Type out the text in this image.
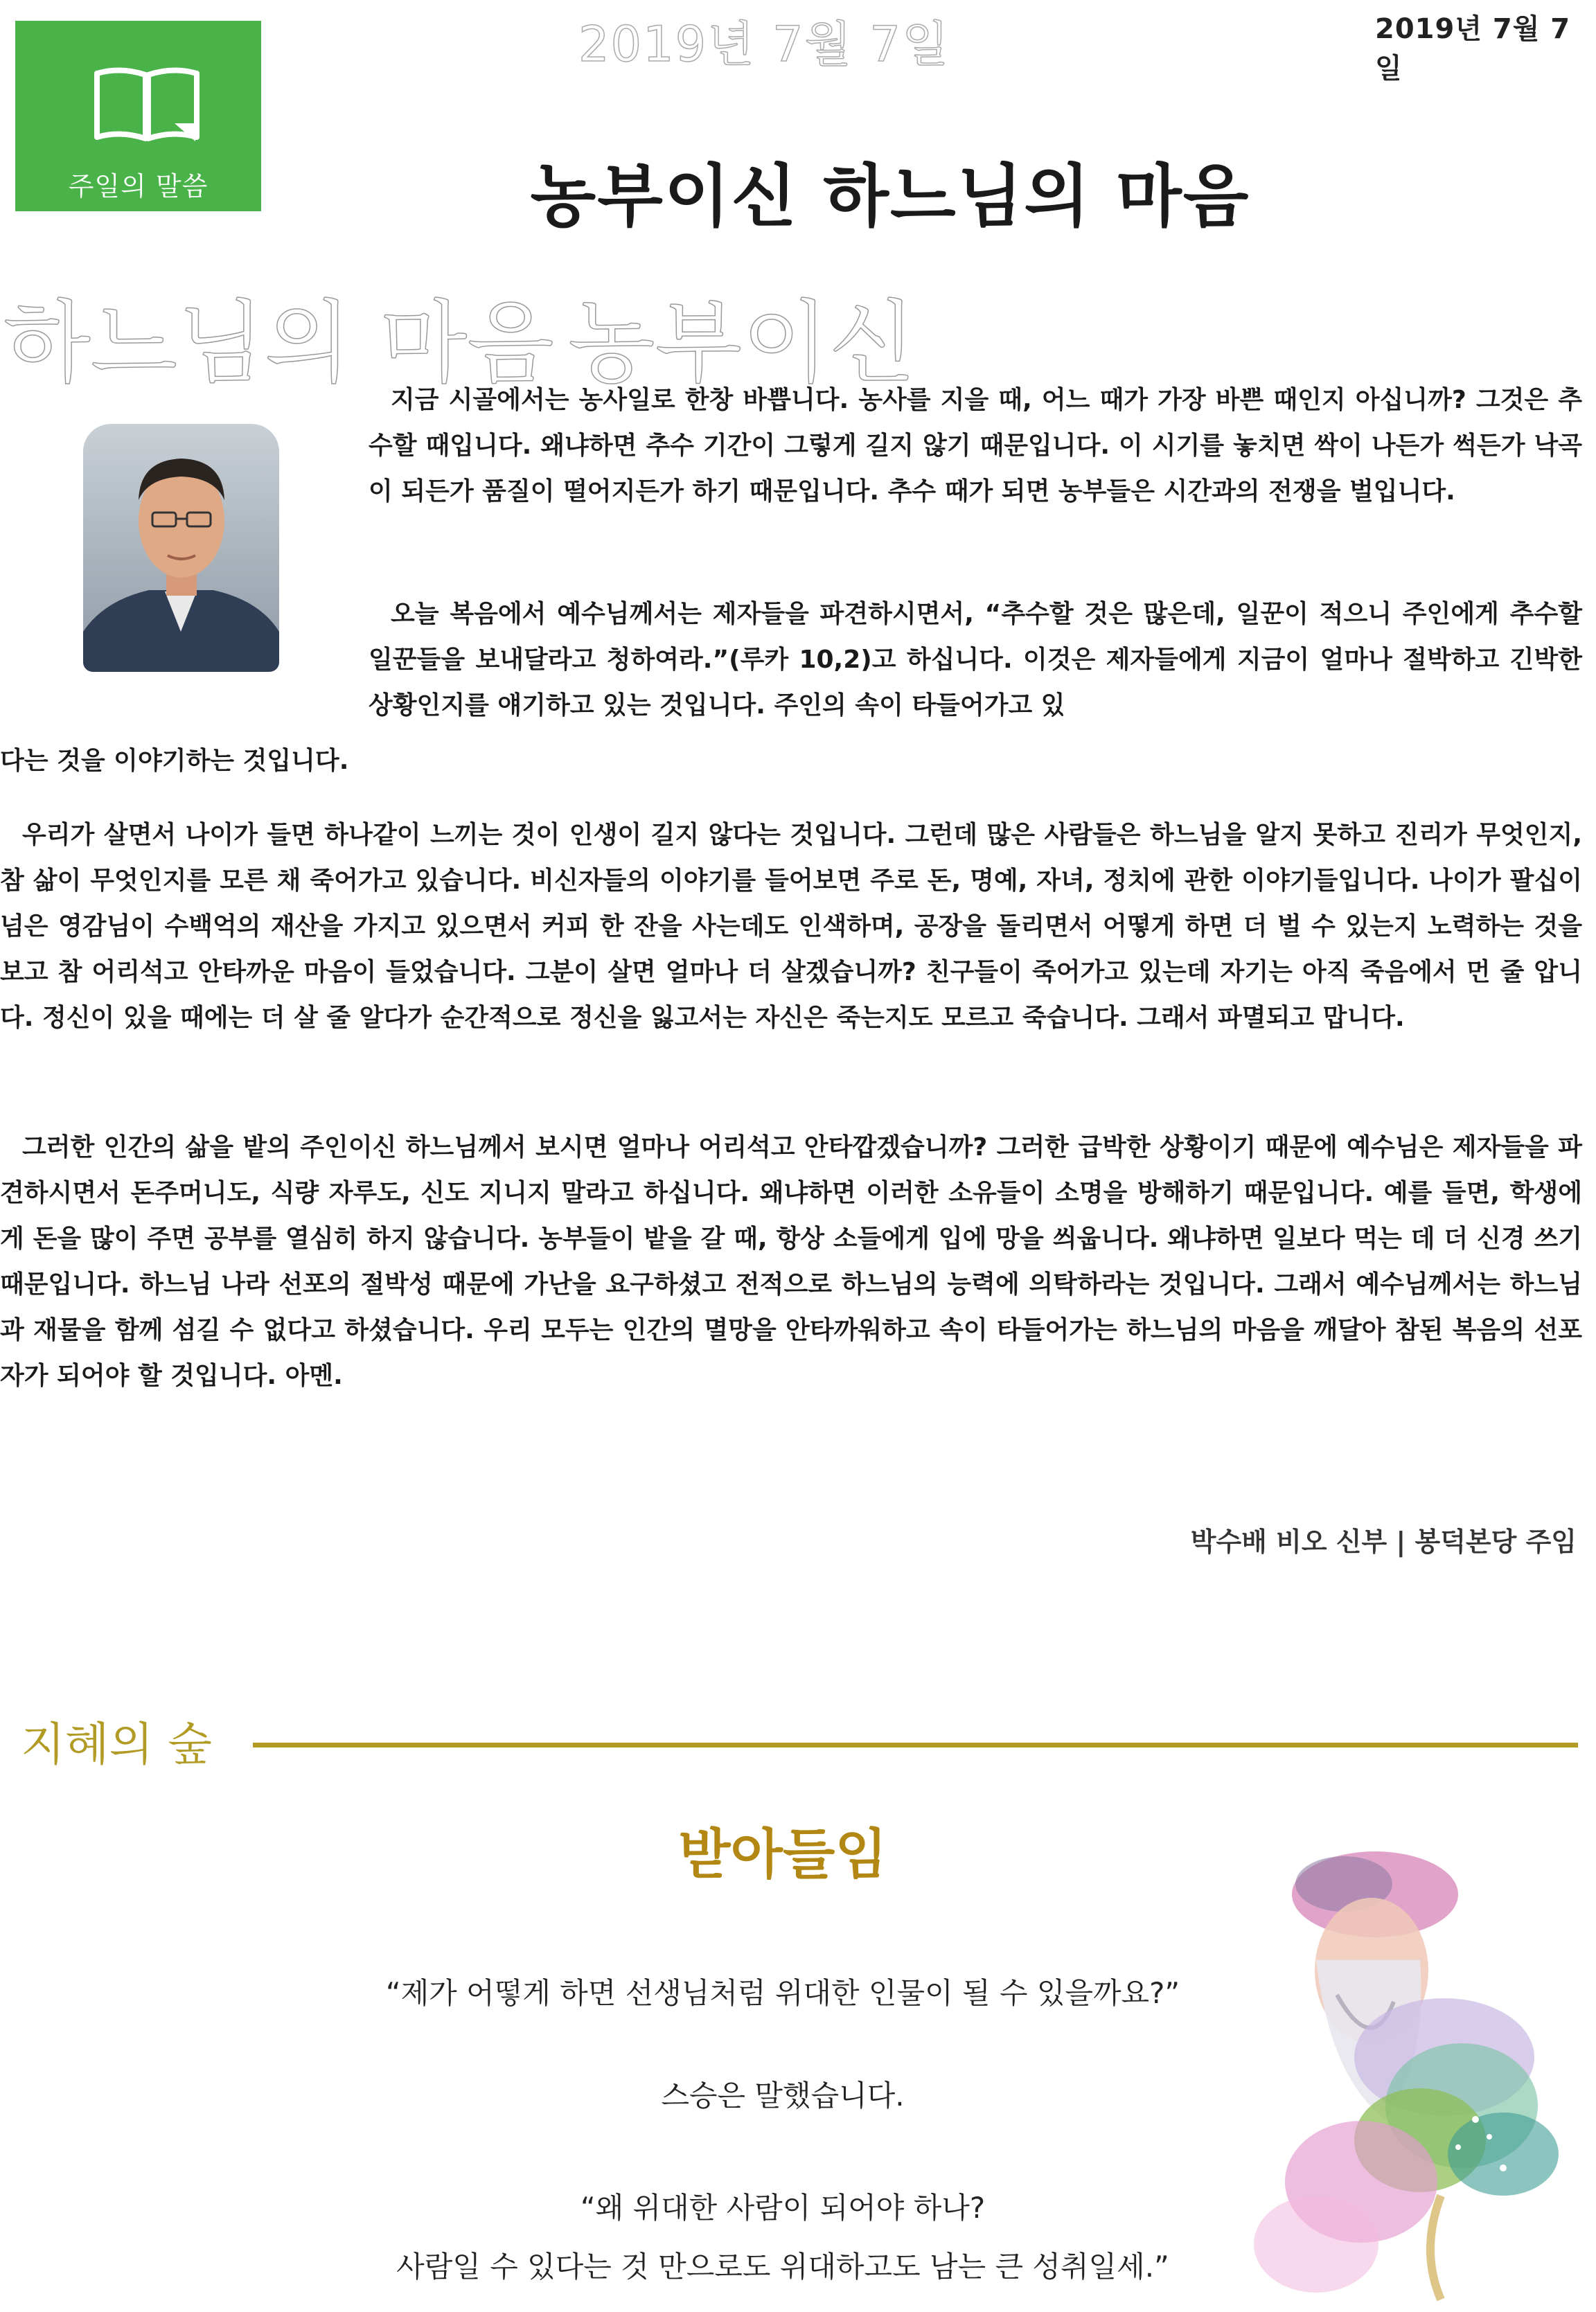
2019년 7월 7일	2019년 7월 7일
주일의 말씀	농부이신 하느님의 마음
하느님의 마음 농부이신
지금 시골에서는 농사일로 한창 바쁩니다. 농사를 지을 때, 어느 때가 가장 바쁜 때인지 아십니까? 그것은 추수할 때입니다. 왜냐하면 추수 기간이 그렇게 길지 않기 때문입니다. 이 시기를 놓치면 싹이 나든가 썩든가 낙곡이 되든가 품질이 떨어지든가 하기 때문입니다. 추수 때가 되면 농부들은 시간과의 전쟁을 벌입니다.
오늘 복음에서 예수님께서는 제자들을 파견하시면서, “추수할 것은 많은데, 일꾼이 적으니 주인에게 추수할 일꾼들을 보내달라고 청하여라.”(루카 10,2)고 하십니다. 이것은 제자들에게 지금이 얼마나 절박하고 긴박한 상황인지를 얘기하고 있는 것입니다. 주인의 속이 타들어가고 있
다는 것을 이야기하는 것입니다.
우리가 살면서 나이가 들면 하나같이 느끼는 것이 인생이 길지 않다는 것입니다. 그런데 많은 사람들은 하느님을 알지 못하고 진리가 무엇인지, 참 삶이 무엇인지를 모른 채 죽어가고 있습니다. 비신자들의 이야기를 들어보면 주로 돈, 명예, 자녀, 정치에 관한 이야기들입니다. 나이가 팔십이 넘은 영감님이 수백억의 재산을 가지고 있으면서 커피 한 잔을 사는데도 인색하며, 공장을 돌리면서 어떻게 하면 더 벌 수 있는지 노력하는 것을 보고 참 어리석고 안타까운 마음이 들었습니다. 그분이 살면 얼마나 더 살겠습니까? 친구들이 죽어가고 있는데 자기는 아직 죽음에서 먼 줄 압니다. 정신이 있을 때에는 더 살 줄 알다가 순간적으로 정신을 잃고서는 자신은 죽는지도 모르고 죽습니다. 그래서 파멸되고 맙니다.
그러한 인간의 삶을 밭의 주인이신 하느님께서 보시면 얼마나 어리석고 안타깝겠습니까? 그러한 급박한 상황이기 때문에 예수님은 제자들을 파견하시면서 돈주머니도, 식량 자루도, 신도 지니지 말라고 하십니다. 왜냐하면 이러한 소유들이 소명을 방해하기 때문입니다. 예를 들면, 학생에게 돈을 많이 주면 공부를 열심히 하지 않습니다. 농부들이 밭을 갈 때, 항상 소들에게 입에 망을 씌웁니다. 왜냐하면 일보다 먹는 데 더 신경 쓰기 때문입니다. 하느님 나라 선포의 절박성 때문에 가난을 요구하셨고 전적으로 하느님의 능력에 의탁하라는 것입니다. 그래서 예수님께서는 하느님과 재물을 함께 섬길 수 없다고 하셨습니다. 우리 모두는 인간의 멸망을 안타까워하고 속이 타들어가는 하느님의 마음을 깨달아 참된 복음의 선포자가 되어야 할 것입니다. 아멘.
박수배 비오 신부 | 봉덕본당 주임
지혜의 숲
받아들임
“제가 어떻게 하면 선생님처럼 위대한 인물이 될 수 있을까요?”
스승은 말했습니다.
“왜 위대한 사람이 되어야 하나?
사람일 수 있다는 것 만으로도 위대하고도 남는 큰 성취일세.”
